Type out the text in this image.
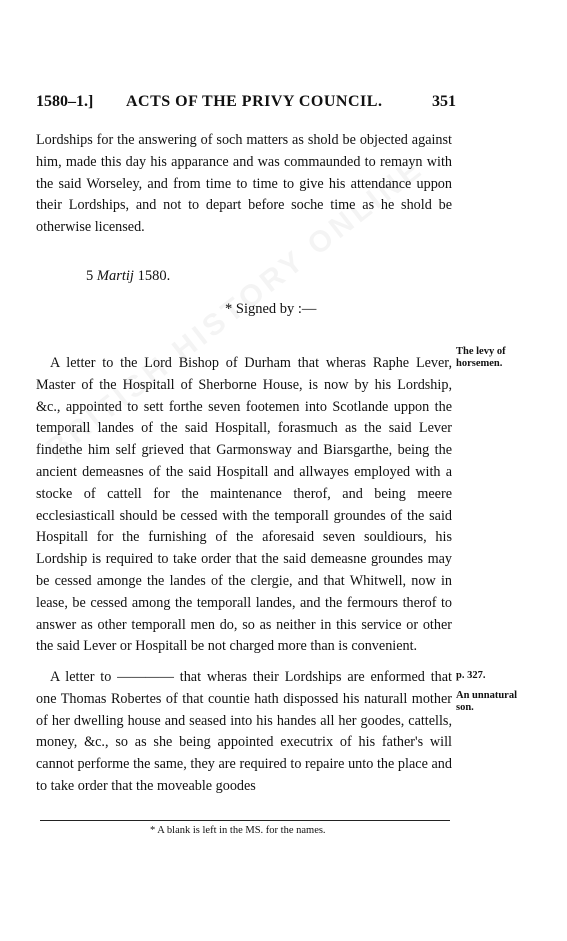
1580–1.] ACTS OF THE PRIVY COUNCIL.	351

Lordships for the answering of soch matters as shold be objected against him, made this day his apparance and was commaunded to remayn with the said Worseley, and from time to time to give his attendance uppon their Lordships, and not to depart before soche time as he shold be otherwise licensed.

5 Martij 1580.
* Signed by :—

A letter to the Lord Bishop of Durham that wheras Raphe Lever, Master of the Hospitall of Sherborne House, is now by his Lordship, &c., appointed to sett forthe seven footemen into Scotlande uppon the temporall landes of the said Hospitall, forasmuch as the said Lever findethe him self grieved that Garmonsway and Biarsgarthe, being the ancient demeasnes of the said Hospitall and allwayes employed with a stocke of cattell for the maintenance therof, and being meere ecclesiasticall should be cessed with the temporall groundes of the said Hospitall for the furnishing of the aforesaid seven souldiours, his Lordship is required to take order that the said demeasne groundes may be cessed amonge the landes of the clergie, and that Whitwell, now in lease, be cessed among the temporall landes, and the fermours therof to answer as other temporall men do, so as neither in this service or other the said Lever or Hospitall be not charged more than is convenient.

The levy of horsemen.

A letter to ———— that wheras their Lordships are enformed that one Thomas Robertes of that countie hath dispossed his naturall mother of her dwelling house and seased into his handes all her goodes, cattells, money, &c., so as she being appointed executrix of his father's will cannot performe the same, they are required to repaire unto the place and to take order that the moveable goodes

p. 327.
An unnatural son.
* A blank is left in the MS. for the names.
